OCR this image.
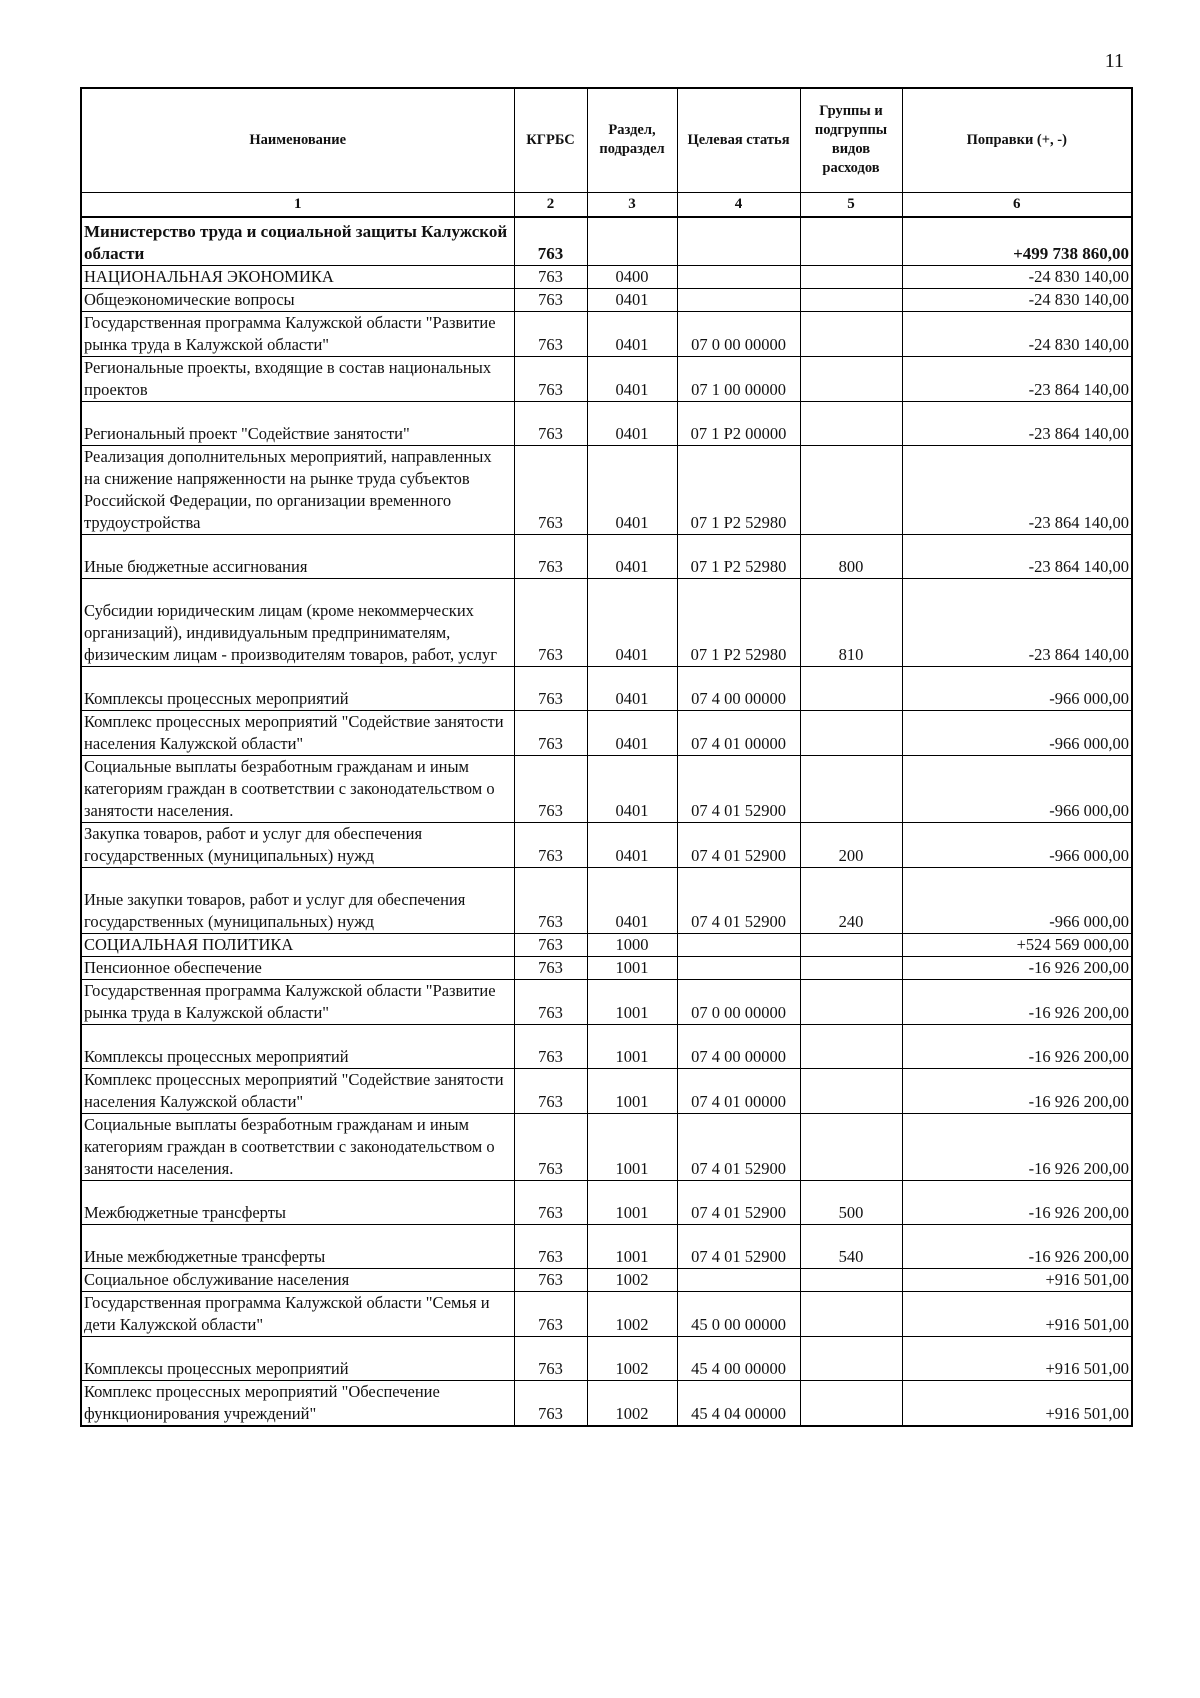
11
Наименование	КГРБС	Раздел, подраздел	Целевая статья	Группы и подгруппы видов расходов	Поправки (+, -)
1	2	3	4	5	6
Министерство труда и социальной защиты Калужской области	763				+499 738 860,00
НАЦИОНАЛЬНАЯ ЭКОНОМИКА	763	0400			-24 830 140,00
Общеэкономические вопросы	763	0401			-24 830 140,00
Государственная программа Калужской области "Развитие рынка труда в Калужской области"	763	0401	07 0 00 00000		-24 830 140,00
Региональные проекты, входящие в состав национальных проектов	763	0401	07 1 00 00000		-23 864 140,00
Региональный проект "Содействие занятости"	763	0401	07 1 Р2 00000		-23 864 140,00
Реализация дополнительных мероприятий, направленных на снижение напряженности на рынке труда субъектов Российской Федерации, по организации временного трудоустройства	763	0401	07 1 Р2 52980		-23 864 140,00
Иные бюджетные ассигнования	763	0401	07 1 Р2 52980	800	-23 864 140,00
Субсидии юридическим лицам (кроме некоммерческих организаций), индивидуальным предпринимателям, физическим лицам - производителям товаров, работ, услуг	763	0401	07 1 Р2 52980	810	-23 864 140,00
Комплексы процессных мероприятий	763	0401	07 4 00 00000		-966 000,00
Комплекс процессных мероприятий "Содействие занятости населения Калужской области"	763	0401	07 4 01 00000		-966 000,00
Социальные выплаты безработным гражданам и иным категориям граждан в соответствии с законодательством о занятости населения.	763	0401	07 4 01 52900		-966 000,00
Закупка товаров, работ и услуг для обеспечения государственных (муниципальных) нужд	763	0401	07 4 01 52900	200	-966 000,00
Иные закупки товаров, работ и услуг для обеспечения государственных (муниципальных) нужд	763	0401	07 4 01 52900	240	-966 000,00
СОЦИАЛЬНАЯ ПОЛИТИКА	763	1000			+524 569 000,00
Пенсионное обеспечение	763	1001			-16 926 200,00
Государственная программа Калужской области "Развитие рынка труда в Калужской области"	763	1001	07 0 00 00000		-16 926 200,00
Комплексы процессных мероприятий	763	1001	07 4 00 00000		-16 926 200,00
Комплекс процессных мероприятий "Содействие занятости населения Калужской области"	763	1001	07 4 01 00000		-16 926 200,00
Социальные выплаты безработным гражданам и иным категориям граждан в соответствии с законодательством о занятости населения.	763	1001	07 4 01 52900		-16 926 200,00
Межбюджетные трансферты	763	1001	07 4 01 52900	500	-16 926 200,00
Иные межбюджетные трансферты	763	1001	07 4 01 52900	540	-16 926 200,00
Социальное обслуживание населения	763	1002			+916 501,00
Государственная программа Калужской области "Семья и дети Калужской области"	763	1002	45 0 00 00000		+916 501,00
Комплексы процессных мероприятий	763	1002	45 4 00 00000		+916 501,00
Комплекс процессных мероприятий "Обеспечение функционирования учреждений"	763	1002	45 4 04 00000		+916 501,00
